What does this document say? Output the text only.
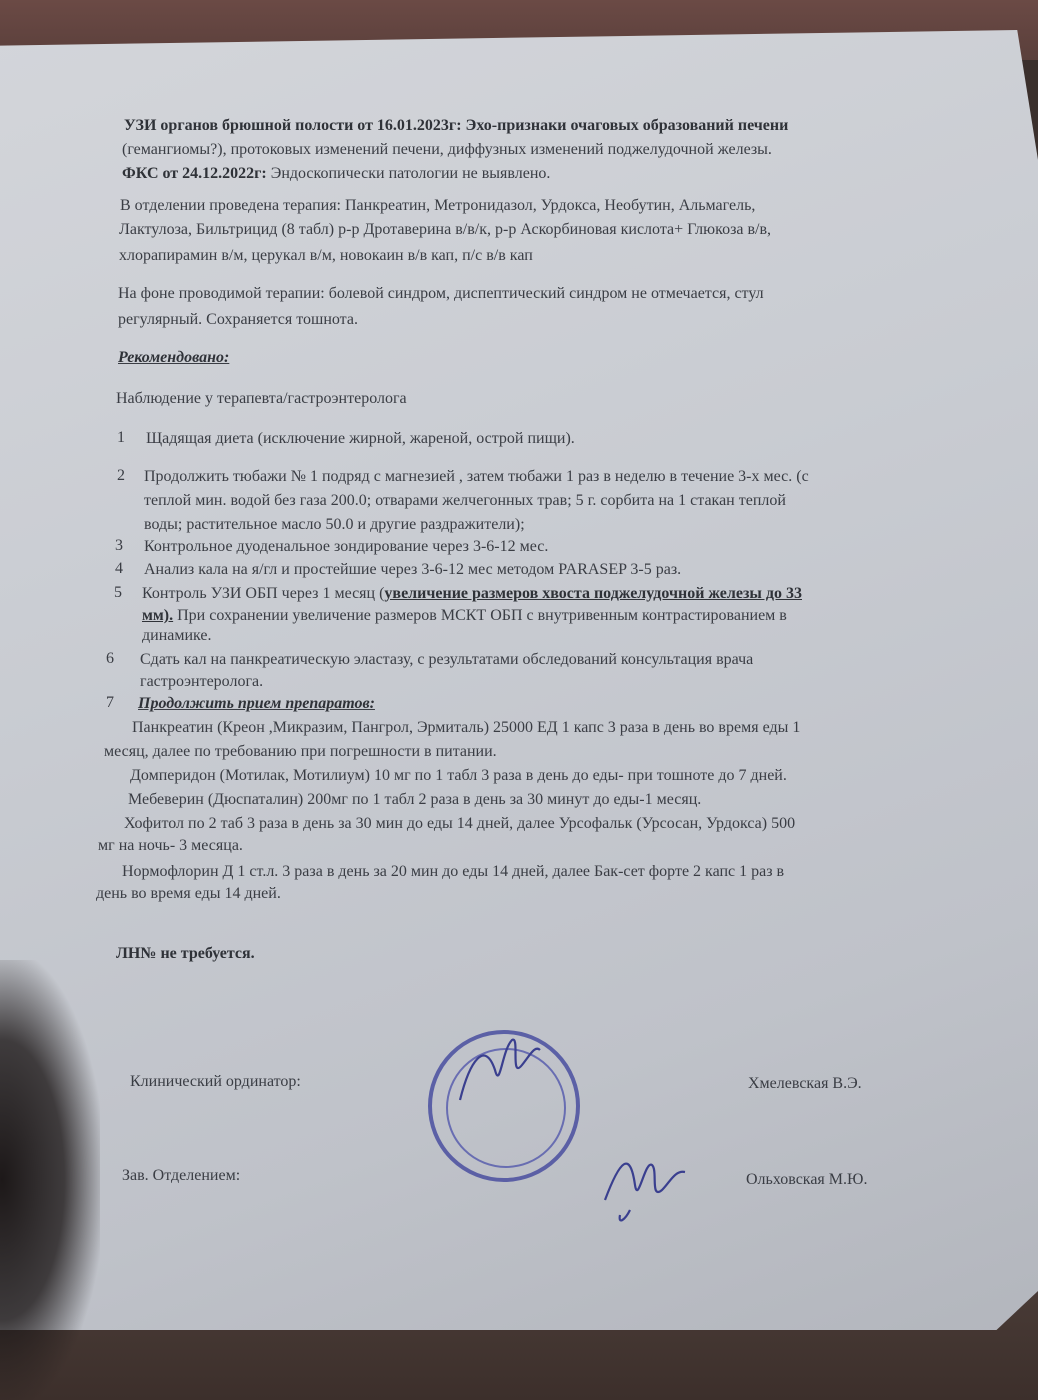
УЗИ органов брюшной полости от 16.01.2023г: Эхо-признаки очаговых образований печени
(гемангиомы?), протоковых изменений печени, диффузных изменений поджелудочной железы.
ФКС от 24.12.2022г: Эндоскопически патологии не выявлено.
В отделении проведена терапия: Панкреатин, Метронидазол, Урдокса, Необутин, Альмагель,
Лактулоза, Бильтрицид (8 табл) р-р Дротаверина в/в/к, р-р Аскорбиновая кислота+ Глюкоза в/в,
хлорапирамин в/м, церукал в/м, новокаин в/в кап, п/с в/в кап
На фоне проводимой терапии: болевой синдром, диспептический синдром не отмечается, стул
регулярный. Сохраняется тошнота.
Рекомендовано:
Наблюдение у терапевта/гастроэнтеролога
1 Щадящая диета (исключение жирной, жареной, острой пищи).
2 Продолжить тюбажи № 1 подряд с магнезией , затем тюбажи 1 раз в неделю в течение 3-х мес. (с
теплой мин. водой без газа 200.0; отварами желчегонных трав; 5 г. сорбита на 1 стакан теплой
воды; растительное масло 50.0 и другие раздражители);
3 Контрольное дуоденальное зондирование через 3-6-12 мес.
4 Анализ кала на я/гл и простейшие через 3-6-12 мес методом PARASEP 3-5 раз.
5 Контроль УЗИ ОБП через 1 месяц (увеличение размеров хвоста поджелудочной железы до 33
мм). При сохранении увеличение размеров МСКТ ОБП с внутривенным контрастированием в
динамике.
6 Сдать кал на панкреатическую эластазу, с результатами обследований консультация врача
гастроэнтеролога.
7 Продолжить прием препаратов:
Панкреатин (Креон ,Микразим, Пангрол, Эрмиталь) 25000 ЕД 1 капс 3 раза в день во время еды 1
месяц, далее по требованию при погрешности в питании.
Домперидон (Мотилак, Мотилиум) 10 мг по 1 табл 3 раза в день до еды- при тошноте до 7 дней.
Мебеверин (Дюспаталин) 200мг по 1 табл 2 раза в день за 30 минут до еды-1 месяц.
Хофитол по 2 таб 3 раза в день за 30 мин до еды 14 дней, далее Урсофальк (Урсосан, Урдокса) 500
мг на ночь- 3 месяца.
Нормофлорин Д 1 ст.л. 3 раза в день за 20 мин до еды 14 дней, далее Бак-сет форте 2 капс 1 раз в
день во время еды 14 дней.
ЛН№ не требуется.
Клинический ординатор:	Хмелевская В.Э.
Зав. Отделением:	Ольховская М.Ю.
